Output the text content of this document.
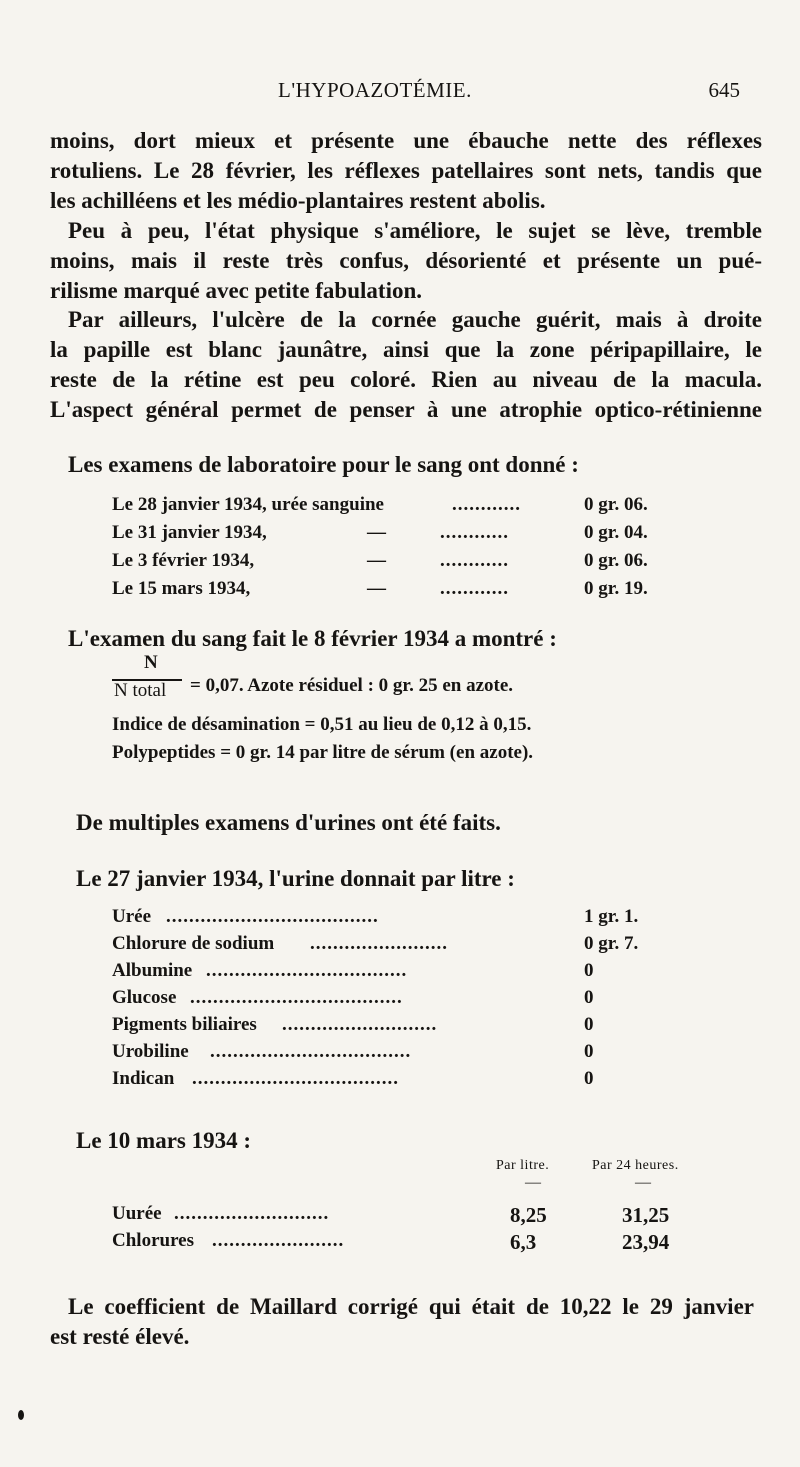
L'HYPOAZOTÉMIE.	645
moins, dort mieux et présente une ébauche nette des réflexes
rotuliens. Le 28 février, les réflexes patellaires sont nets, tandis que
les achilléens et les médio-plantaires restent abolis.
Peu à peu, l'état physique s'améliore, le sujet se lève, tremble
moins, mais il reste très confus, désorienté et présente un pué-
rilisme marqué avec petite fabulation.
Par ailleurs, l'ulcère de la cornée gauche guérit, mais à droite
la papille est blanc jaunâtre, ainsi que la zone péripapillaire, le
reste de la rétine est peu coloré. Rien au niveau de la macula.
L'aspect général permet de penser à une atrophie optico-rétinienne
Les examens de laboratoire pour le sang ont donné :
Le 28 janvier 1934, urée sanguine	............	0 gr. 06.
Le 31 janvier 1934,	—	............	0 gr. 04.
Le 3 février 1934,	—	............	0 gr. 06.
Le 15 mars 1934,	—	............	0 gr. 19.
L'examen du sang fait le 8 février 1934 a montré :
N
N total = 0,07. Azote résiduel : 0 gr. 25 en azote.
Indice de désamination = 0,51 au lieu de 0,12 à 0,15.
Polypeptides = 0 gr. 14 par litre de sérum (en azote).
De multiples examens d'urines ont été faits.
Le 27 janvier 1934, l'urine donnait par litre :
Urée .....................................	1 gr. 1.
Chlorure de sodium ........................	0 gr. 7.
Albumine ...................................	0
Glucose .....................................	0
Pigments biliaires ...........................	0
Urobiline ...................................	0
Indican ....................................	0
Le 10 mars 1934 :
Par litre.	Par 24 heures.
—	—
Uurée ...........................	8,25	31,25
Chlorures .......................	6,3	23,94
Le coefficient de Maillard corrigé qui était de 10,22 le 29 janvier
est resté élevé.
